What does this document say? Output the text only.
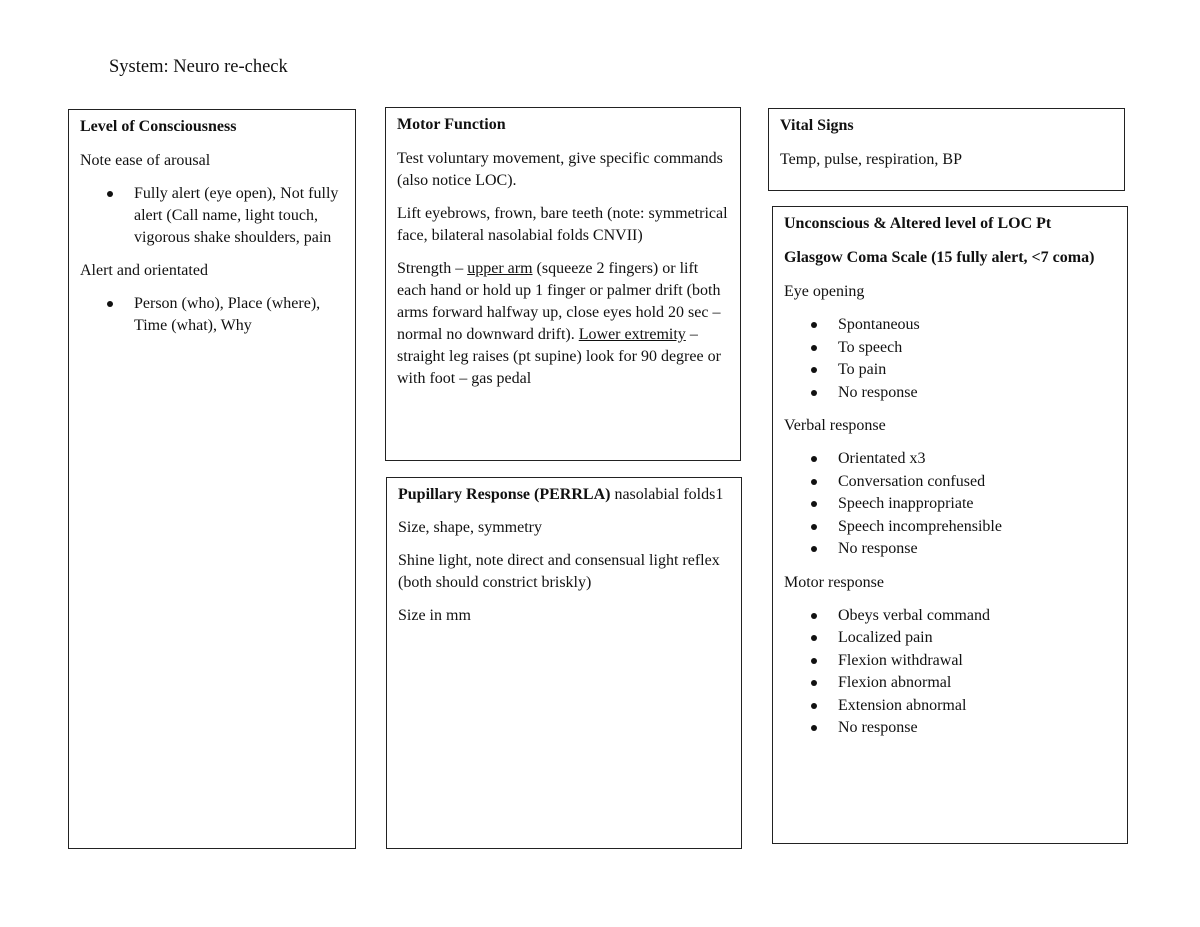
System: Neuro re-check
Level of Consciousness

Note ease of arousal

Fully alert (eye open), Not fully alert (Call name, light touch, vigorous shake shoulders, pain

Alert and orientated

Person (who), Place (where), Time (what), Why
Motor Function

Test voluntary movement, give specific commands (also notice LOC).

Lift eyebrows, frown, bare teeth (note: symmetrical face, bilateral nasolabial folds CNVII)

Strength – upper arm (squeeze 2 fingers) or lift each hand or hold up 1 finger or palmer drift (both arms forward halfway up, close eyes hold 20 sec – normal no downward drift). Lower extremity – straight leg raises (pt supine) look for 90 degree or with foot – gas pedal

Pupillary Response (PERRLA) nasolabial folds1

Size, shape, symmetry

Shine light, note direct and consensual light reflex (both should constrict briskly)

Size in mm

Vital Signs

Temp, pulse, respiration, BP

Unconscious & Altered level of LOC Pt
Glasgow Coma Scale (15 fully alert, <7 coma)

Eye opening

Spontaneous
To speech
To pain
No response

Verbal response

Orientated x3
Conversation confused
Speech inappropriate
Speech incomprehensible
No response

Motor response

Obeys verbal command
Localized pain
Flexion withdrawal
Flexion abnormal
Extension abnormal
No response
